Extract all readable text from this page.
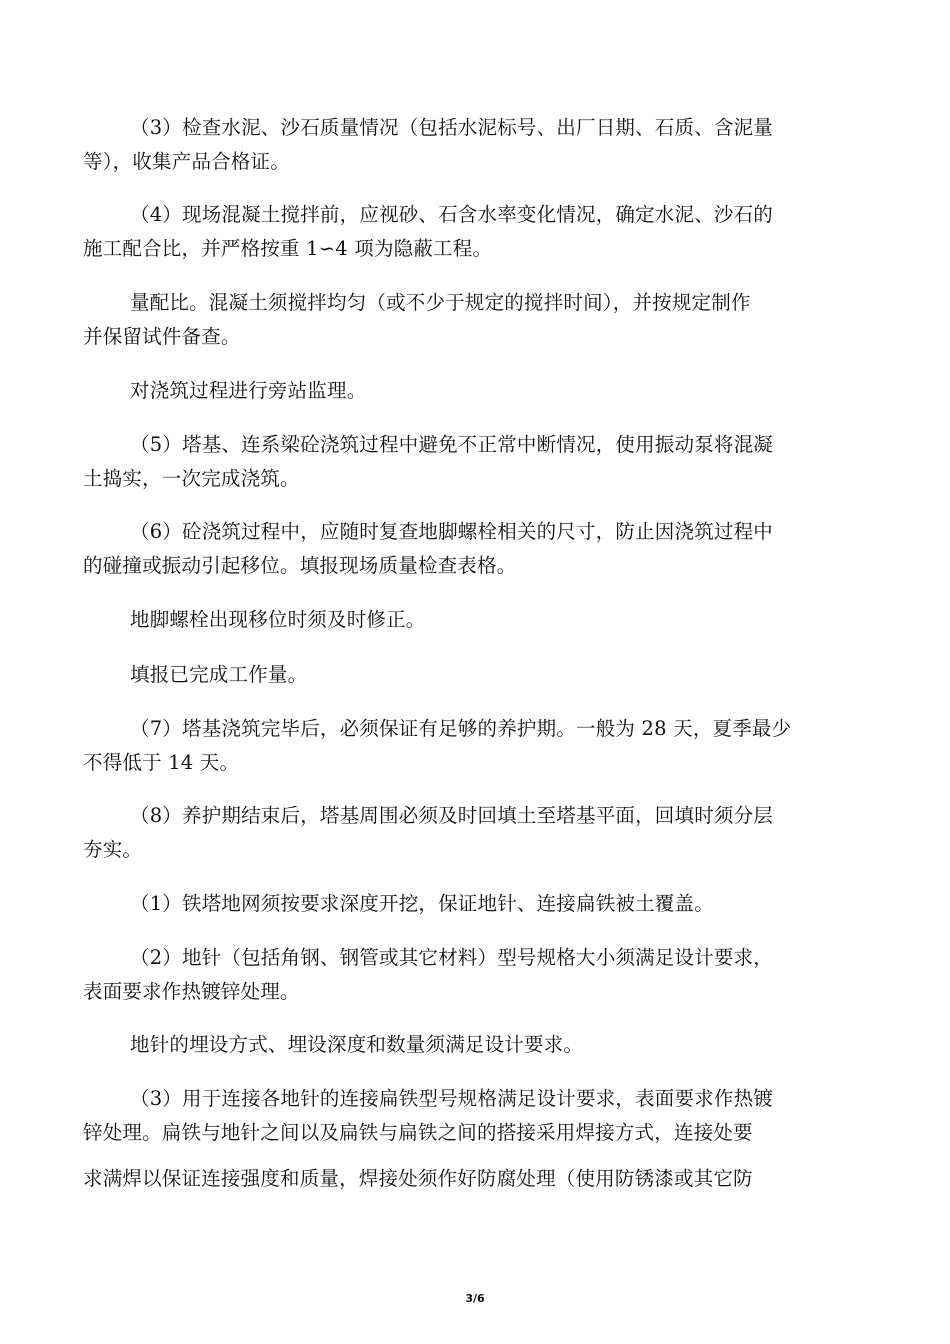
（3）检查水泥、沙石质量情况（包括水泥标号、出厂日期、石质、含泥量
等），收集产品合格证。
（4）现场混凝土搅拌前，应视砂、石含水率变化情况，确定水泥、沙石的
施工配合比，并严格按重 1∽4 项为隐蔽工程。
量配比。混凝土须搅拌均匀（或不少于规定的搅拌时间），并按规定制作
并保留试件备查。
对浇筑过程进行旁站监理。
（5）塔基、连系梁砼浇筑过程中避免不正常中断情况，使用振动泵将混凝
土捣实，一次完成浇筑。
（6）砼浇筑过程中，应随时复查地脚螺栓相关的尺寸，防止因浇筑过程中
的碰撞或振动引起移位。填报现场质量检查表格。
地脚螺栓出现移位时须及时修正。
填报已完成工作量。
（7）塔基浇筑完毕后，必须保证有足够的养护期。一般为 28 天，夏季最少
不得低于 14 天。
（8）养护期结束后，塔基周围必须及时回填土至塔基平面，回填时须分层
夯实。
（1）铁塔地网须按要求深度开挖，保证地针、连接扁铁被土覆盖。
（2）地针（包括角钢、钢管或其它材料）型号规格大小须满足设计要求，
表面要求作热镀锌处理。
地针的埋设方式、埋设深度和数量须满足设计要求。
（3）用于连接各地针的连接扁铁型号规格满足设计要求，表面要求作热镀
锌处理。扁铁与地针之间以及扁铁与扁铁之间的搭接采用焊接方式，连接处要
求满焊以保证连接强度和质量，焊接处须作好防腐处理（使用防锈漆或其它防
3/6
